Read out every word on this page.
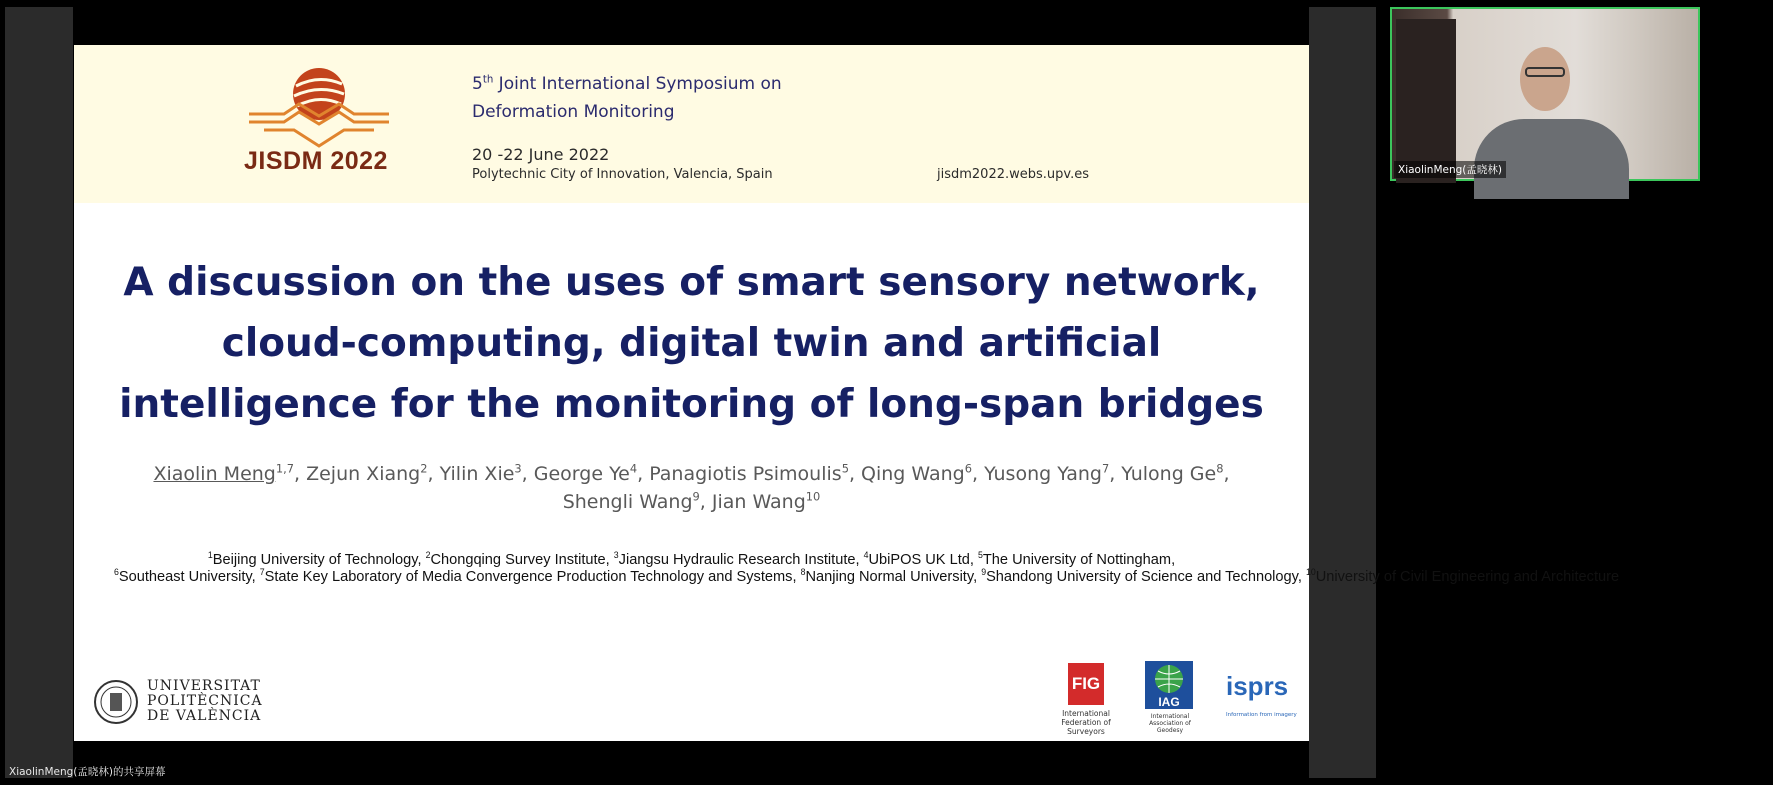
JISDM 2022
5th Joint International Symposium on
Deformation Monitoring
20 -22 June 2022
Polytechnic City of Innovation, Valencia, Spain	jisdm2022.webs.upv.es
A discussion on the uses of smart sensory network,
cloud-computing, digital twin and artificial
intelligence for the monitoring of long-span bridges
Xiaolin Meng$^{1,7}$, Zejun Xiang$^2$, Yilin Xie$^3$, George Ye$^4$, Panagiotis Psimoulis$^5$, Qing Wang$^6$, Yusong Yang$^7$, Yulong Ge$^8$,
Shengli Wang$^9$, Jian Wang$^{10}$
$^1$Beijing University of Technology, $^2$Chongqing Survey Institute, $^3$Jiangsu Hydraulic Research Institute, $^4$UbiPOS UK Ltd, $^5$The University of Nottingham,
$^6$Southeast University, $^7$State Key Laboratory of Media Convergence Production Technology and Systems, $^8$Nanjing Normal University, $^9$Shandong University of Science and Technology, $^{10}$University of Civil Engineering and Architecture
UNIVERSITAT
POLITÈCNICA
DE VALÈNCIA
FIG
International Federation of Surveyors
IAG
International Association of Geodesy
isprs
Information from imagery
XiaolinMeng(孟晓林)
XiaolinMeng(孟晓林)的共享屏幕
